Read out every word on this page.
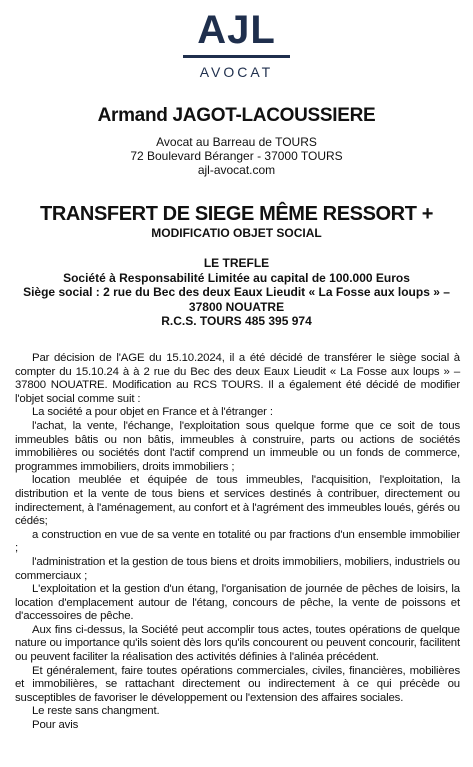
AJL
AVOCAT
Armand JAGOT-LACOUSSIERE
Avocat au Barreau de TOURS
72 Boulevard Béranger - 37000 TOURS
ajl-avocat.com
TRANSFERT DE SIEGE MÊME RESSORT +
MODIFICATIO OBJET SOCIAL
LE TREFLE
Société à Responsabilité Limitée au capital de 100.000 Euros
Siège social : 2 rue du Bec des deux Eaux Lieudit « La Fosse aux loups » –
37800 NOUATRE
R.C.S. TOURS 485 395 974

Par décision de l'AGE du 15.10.2024, il a été décidé de transférer le siège social à compter du 15.10.24 à à 2 rue du Bec des deux Eaux Lieudit « La Fosse aux loups » – 37800 NOUATRE. Modification au RCS TOURS. Il a également été décidé de modifier l'objet social comme suit :

La société a pour objet en France et à l'étranger :

l'achat, la vente, l'échange, l'exploitation sous quelque forme que ce soit de tous immeubles bâtis ou non bâtis, immeubles à construire, parts ou actions de sociétés immobilières ou sociétés dont l'actif comprend un immeuble ou un fonds de commerce, programmes immobiliers, droits immobiliers ;

location meublée et équipée de tous immeubles, l'acquisition, l'exploitation, la distribution et la vente de tous biens et services destinés à contribuer, directement ou indirectement, à l'aménagement, au confort et à l'agrément des immeubles loués, gérés ou cédés;

a construction en vue de sa vente en totalité ou par fractions d'un ensemble immobilier ;

l'administration et la gestion de tous biens et droits immobiliers, mobiliers, industriels ou commerciaux ;

L'exploitation et la gestion d'un étang, l'organisation de journée de pêches de loisirs, la location d'emplacement autour de l'étang, concours de pêche, la vente de poissons et d'accessoires de pêche.

Aux fins ci-dessus, la Société peut accomplir tous actes, toutes opérations de quelque nature ou importance qu'ils soient dès lors qu'ils concourent ou peuvent concourir, facilitent ou peuvent faciliter la réalisation des activités définies à l'alinéa précédent.

Et généralement, faire toutes opérations commerciales, civiles, financières, mobilières et immobilières, se rattachant directement ou indirectement à ce qui précède ou susceptibles de favoriser le développement ou l'extension des affaires sociales.

Le reste sans changment.

Pour avis
